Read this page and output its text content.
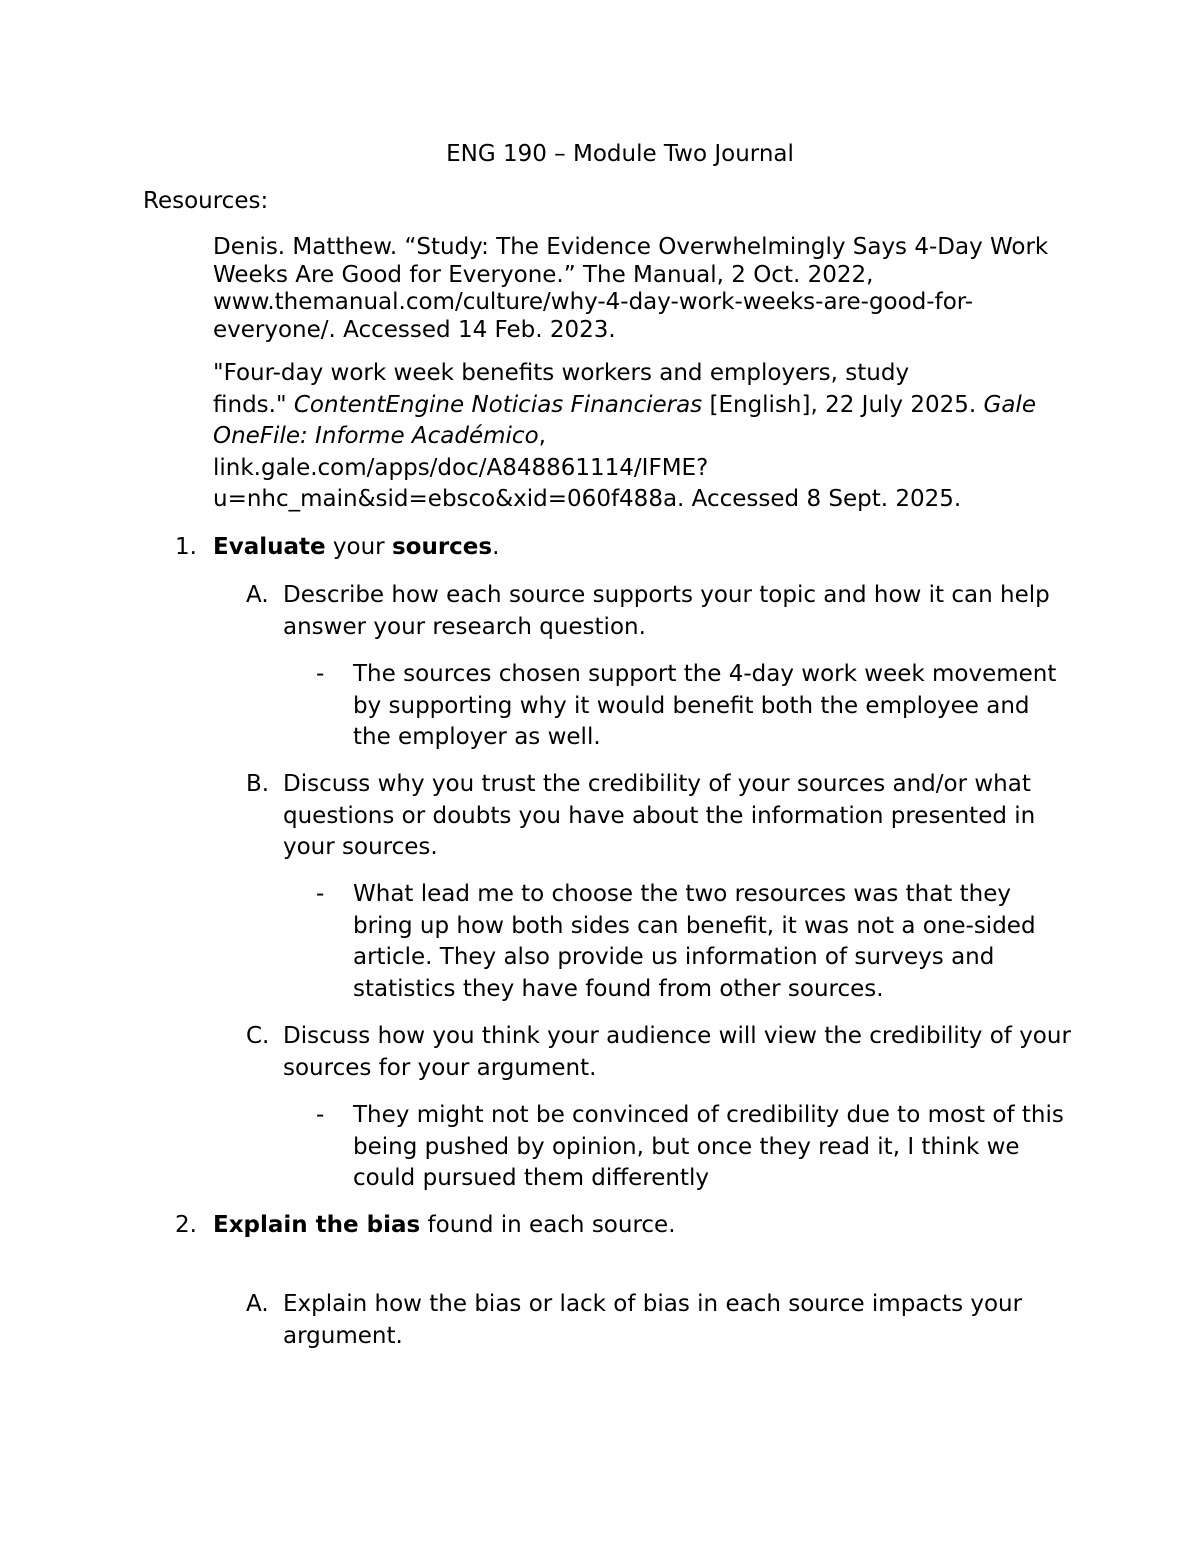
ENG 190 – Module Two Journal
Resources:
Denis. Matthew. “Study: The Evidence Overwhelmingly Says 4-Day Work Weeks Are Good for Everyone.” The Manual, 2 Oct. 2022, www.themanual.com/culture/why-4-day-work-weeks-are-good-for-everyone/. Accessed 14 Feb. 2023.
"Four-day work week benefits workers and employers, study
finds." ContentEngine Noticias Financieras [English], 22 July 2025. Gale
OneFile: Informe Académico,
link.gale.com/apps/doc/A848861114/IFME?
u=nhc_main&sid=ebsco&xid=060f488a. Accessed 8 Sept. 2025.
1. Evaluate your sources.
A. Describe how each source supports your topic and how it can help answer your research question.
- The sources chosen support the 4-day work week movement by supporting why it would benefit both the employee and the employer as well.
B. Discuss why you trust the credibility of your sources and/or what questions or doubts you have about the information presented in your sources.
- What lead me to choose the two resources was that they bring up how both sides can benefit, it was not a one-sided article. They also provide us information of surveys and statistics they have found from other sources.
C. Discuss how you think your audience will view the credibility of your sources for your argument.
- They might not be convinced of credibility due to most of this being pushed by opinion, but once they read it, I think we could pursued them differently
2. Explain the bias found in each source.
A. Explain how the bias or lack of bias in each source impacts your argument.
